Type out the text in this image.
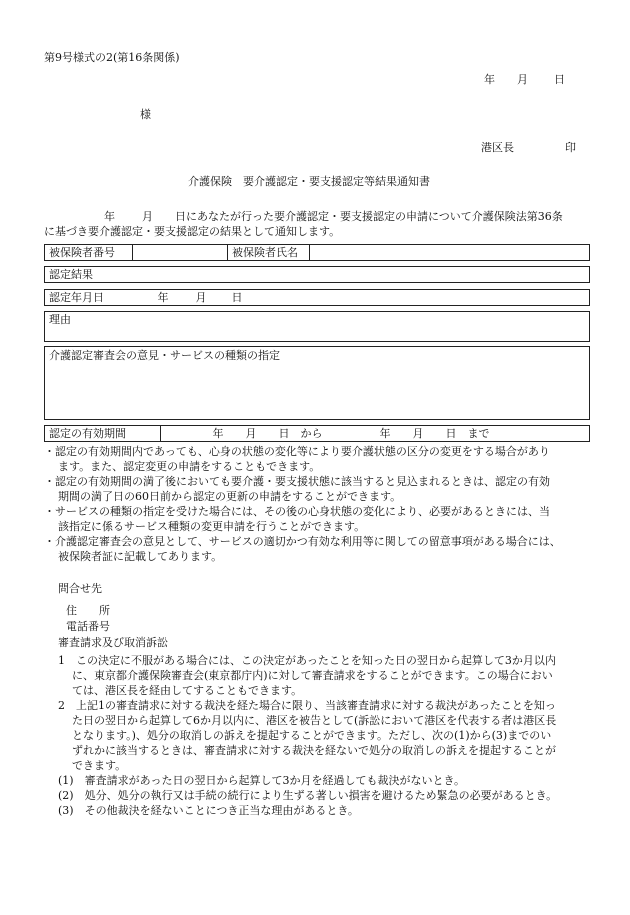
第9号様式の2(第16条関係)
年 月 日
様
港区長	印
介護保険　要介護認定・要支援認定等結果通知書
年 月 日にあなたが行った要介護認定・要支援認定の申請について介護保険法第36条
に基づき要介護認定・要支援認定の結果として通知します。
被保険者番号		被保険者氏名	
認定結果
認定年月日	年 月 日
理由
介護認定審査会の意見・サービスの種類の指定
認定の有効期間	年　　月　　日　から	年　　月　　日　まで
・認定の有効期間内であっても、心身の状態の変化等により要介護状態の区分の変更をする場合があり
ます。また、認定変更の申請をすることもできます。
・認定の有効期間の満了後においても要介護・要支援状態に該当すると見込まれるときは、認定の有効
期間の満了日の60日前から認定の更新の申請をすることができます。
・サービスの種類の指定を受けた場合には、その後の心身状態の変化により、必要があるときには、当
該指定に係るサービス種類の変更申請を行うことができます。
・介護認定審査会の意見として、サービスの適切かつ有効な利用等に関しての留意事項がある場合には、
被保険者証に記載してあります。
問合せ先
住　　所
電話番号
審査請求及び取消訴訟
1　この決定に不服がある場合には、この決定があったことを知った日の翌日から起算して3か月以内
に、東京都介護保険審査会(東京都庁内)に対して審査請求をすることができます。この場合におい
ては、港区長を経由してすることもできます。
2　上記1の審査請求に対する裁決を経た場合に限り、当該審査請求に対する裁決があったことを知っ
た日の翌日から起算して6か月以内に、港区を被告として(訴訟において港区を代表する者は港区長
となります。)、処分の取消しの訴えを提起することができます。ただし、次の(1)から(3)までのい
ずれかに該当するときは、審査請求に対する裁決を経ないで処分の取消しの訴えを提起することが
できます。
(1)　審査請求があった日の翌日から起算して3か月を経過しても裁決がないとき。
(2)　処分、処分の執行又は手続の続行により生ずる著しい損害を避けるため緊急の必要があるとき。
(3)　その他裁決を経ないことにつき正当な理由があるとき。
